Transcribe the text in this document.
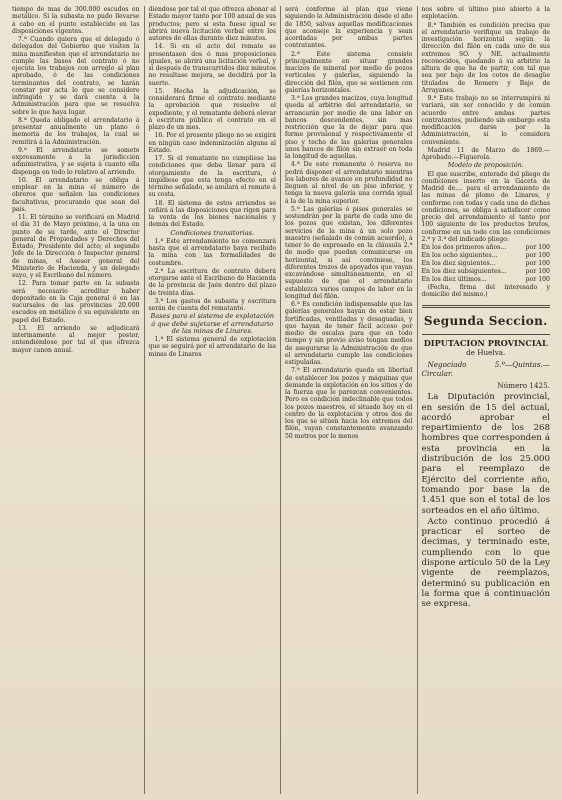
tiempo de mas de 300.000 escudos en metálico. Si la subasta no pudo llevarse á cabo en el punto establecido en las disposiciones vigentes.

7.ª Cuando quiera que el delegado ó delegados del Gobierno que visiten la mina manifiesten que el arrendatario no cumple las bases del contrato ó no ejecuta los trabajos con arreglo al plan aprobado, ó de las condiciones terminantes del contrato, se harán constar por acta lo que se considere infringido y se dará cuenta á la Administración para que se resuelva sobre lo que haya lugar.

8.ª Queda obligado el arrendatario á presentar anualmente un plano ó memoria de los trabajos, la cual se remitirá á la Administración.

9.ª El arrendatario se somete expresamente á la jurisdicción administrativa, y se sujeta á cuanto ella disponga en todo lo relativo al arriendo.

10. El arrendatario se obliga á emplear en la mina el número de obreros que señalen las condiciones facultativas, procurando que sean del país.

11. El término se verificará en Madrid el día 31 de Mayo próximo, á la una en punto de su tarde, ante el Director general de Propiedades y Derechos del Estado, Presidente del acto; el segundo Jefe de la Dirección ó Inspector general de minas, el Asesor general del Ministerio de Hacienda, y un delegado suyo, y el Escribano del número.

12. Para tomar parte en la subasta será necesario acreditar haber depositado en la Caja general ó en las sucursales de las provincias 20.000 escudos en metálico ó su equivalente en papel del Estado.

13. El arriendo se adjudicará interinamente al mejor postor, entendiéndose por tal el que ofrezca mayor canon anual.

diéndose por tal el que ofrezca abonar al Estado mayor tanto por 100 anual de sus productos; pero si esta fuese igual se abrirá nueva licitación verbal entre los autores de ellas durante diez minutos.

14. Si en el acto del remate se presentasen dos ó mas proposiciones iguales, se abrirá una licitación verbal, y si después de transcurridos diez minutos no resultase mejora, se decidirá por la suerte.

15. Hecha la adjudicación, se considerará firme el contrato mediante la aprobación que resuelve el expediente, y el rematante deberá elevar á escritura pública el contrato en el plazo de un mes.

16. Por el presente pliego no se exigirá en ningún caso indemnización alguna al Estado.

17. Si el rematante no cumpliese las condiciones que deba llenar para el otorgamiento de la escritura, ó impidiese que esta tenga efecto en el término señalado, se anulará el remate á su costa.

18. El sistema de estos arriendos se ceñirá á las disposiciones que rigen para la venta de los bienes nacionales y demás del Estado.

Condiciones transitorias.

1.ª Este arrendamiento no comenzará hasta que el arrendatario haya recibido la mina con las formalidades de costumbre.

2.ª La escritura de contrato deberá otorgarse ante el Escribano de Hacienda de la provincia de Jaén dentro del plazo de treinta días.

3.ª Los gastos de subasta y escritura serán de cuenta del rematante.

Bases para el sistema de explotación á que debe sujetarse el arrendatario de las minas de Linares.

1.ª El sistema general de explotación que se seguirá por el arrendatario de las minas de Linares

será conforme al plan que viene siguiendo la Administración desde el año de 1850, salvas aquellas modificaciones que aconseje la experiencia y sean acordadas por ambas partes contratantes.

2.ª Este sistema consiste principalmente en situar grandes macizos de mineral por medio de pozos verticales y galerías, siguiendo la dirección del filón, que se sostienen con galerías horizontales.

3.ª Los grandes macizos, cuya longitud queda al arbitrio del arrendatario, se arrancarán por medio de una labor en bancos descendentes, sin mas restricción que la de dejar para que forme provisional y respectivamente el piso y techo de las galerías generales unos bancos de filón sin extraer en toda la longitud de aquellas.

4.ª De este remanente ó reserva no podrá disponer el arrendatario mientras los labores de avance en profundidad no lleguen al nivel de un piso inferior, y tenga la nueva galería una corrida igual á la de la mina superior.

5.ª Las galerías ó pisos generales se sostendrán por la parte de cada uno de los pozos que existan, los diferentes servicios de la mina á un solo pozo maestro (señalado de común acuerdo), á tener lo de expresado en la cláusula 2.ª de modo que puedan comunicarse en horizontal, si así conviniese, los diferentes trozos de apoyados que vayan excavándose simultáneamente, en el supuesto de que el arrendatario establezca varios campos de labor en la longitud del filón.

6.ª Es condición indispensable que las galerías generales hayan de estar bien fortificadas, ventiladas y desaguadas, y que hayan de tener fácil acceso por medio de escalas para que en todo tiempo y sin previo aviso tengan medios de asegurarse la Administración de que el arrendatario cumple las condiciones estipuladas.

7.ª El arrendatario queda en libertad de establecer los pozos y máquinas que demande la explotación en los sitios y de la fuerza que le parezcan convenientes. Pero es condición indeclinable que todos los pozos maestros, el situado hoy en el centro de la explotación y otros dos de los que se sitúen hacia los extremos del filón, vayan constantemente avanzando 50 metros por lo menos

nos sobre el último piso abierto á la explotación.

8.ª También es condición precisa que el arrendatario verifique un trabajo de investigación horizontal según la dirección del filón en cada uno de sus extremos SO. y NE. actualmente reconocidos, quedando á su arbitrio la altura de que ha de partir, con tal que sea por bajo de los cotos de desagüe titulados de Romero y Bajo de Arrayanes.

9.ª Este trabajo no se interrumpirá ni variará, sin ser conocido y de común acuerdo entre ambas partes contratantes, pudiendo sin embargo esta modificación darse por la Administración, si lo considera conveniente.

Madrid 11 de Marzo de 1869.—Aprobado.—Figuerola.

Modelo de proposición.

El que suscribe, enterado del pliego de condiciones inserto en la Gaceta de Madrid de.... para el arrendamiento de las minas de plomo de Linares, y conforme con todas y cada una de dichas condiciones, se obliga á satisfacer como precio del arrendamiento el tanto por 100 siguiente de los productos brutos, conforme en un todo con las condiciones 2.ª y 3.ª del indicado pliego:

En los dos primeros años...	por 100
En los ocho siguientes...	por 100
En los diez siguientes...	por 100
En los diez subsiguientes...	por 100
En los diez últimos...	por 100

(Fecha, firma del interesado y domicilio del mismo.)

Segunda Seccion.
DIPUTACION PROVINCIAL
de Huelva.
Negociado 5.º—Quintas.—Circular.
Número 1425.

La Diputación provincial, en sesión de 15 del actual, acordó aprobar el repartimiento de los 268 hombres que corresponden á esta provincia en la distribución de los 25.000 para el reemplazo de Ejército del corriente año, tomando por base la de 1.451 que son el total de los sorteados en el año último.

Acto continuo procedió á practicar el sorteo de decimas, y terminado este, cumpliendo con lo que dispone artículo 50 de la Ley vigente de reemplazos, determinó su publicación en la forma que á continuación se expresa.
